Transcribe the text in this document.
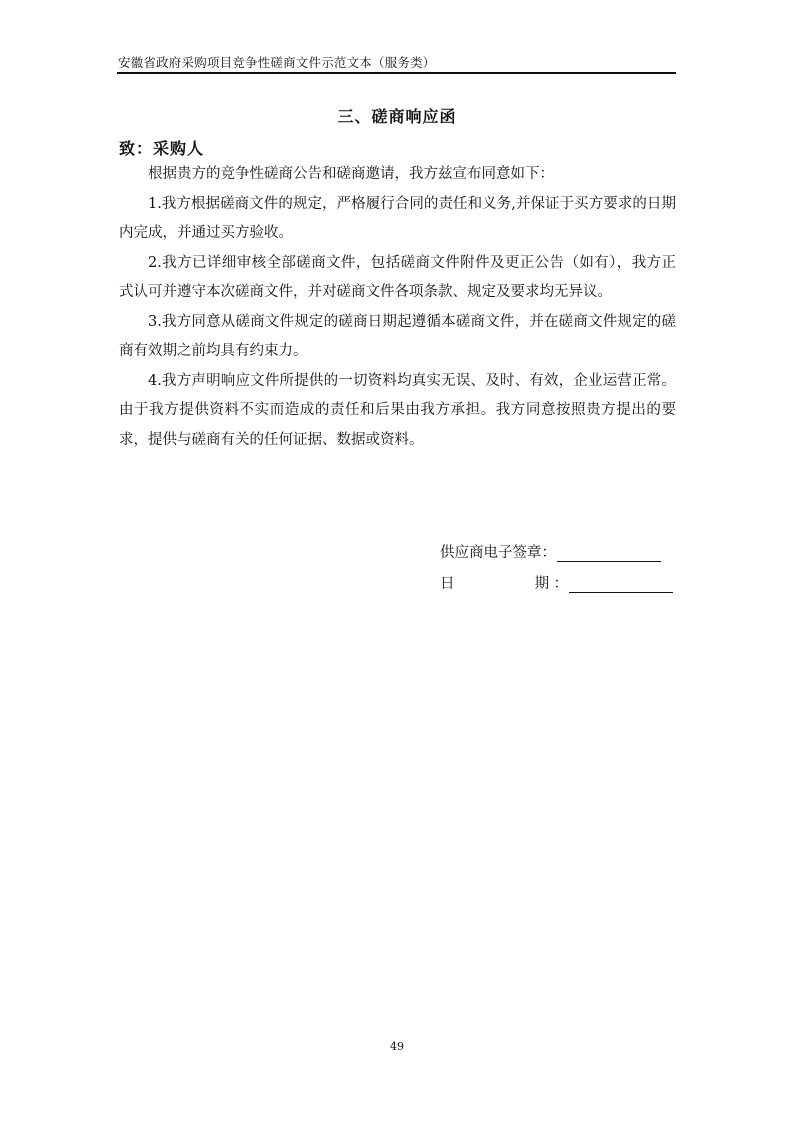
安徽省政府采购项目竞争性磋商文件示范文本（服务类）
三、磋商响应函
致：采购人

根据贵方的竞争性磋商公告和磋商邀请，我方兹宣布同意如下：

1.我方根据磋商文件的规定，严格履行合同的责任和义务,并保证于买方要求的日期内完成，并通过买方验收。

2.我方已详细审核全部磋商文件，包括磋商文件附件及更正公告（如有），我方正式认可并遵守本次磋商文件，并对磋商文件各项条款、规定及要求均无异议。

3.我方同意从磋商文件规定的磋商日期起遵循本磋商文件，并在磋商文件规定的磋商有效期之前均具有约束力。

4.我方声明响应文件所提供的一切资料均真实无误、及时、有效，企业运营正常。由于我方提供资料不实而造成的责任和后果由我方承担。我方同意按照贵方提出的要求，提供与磋商有关的任何证据、数据或资料。

供应商电子签章：
日　　　　期：
49
